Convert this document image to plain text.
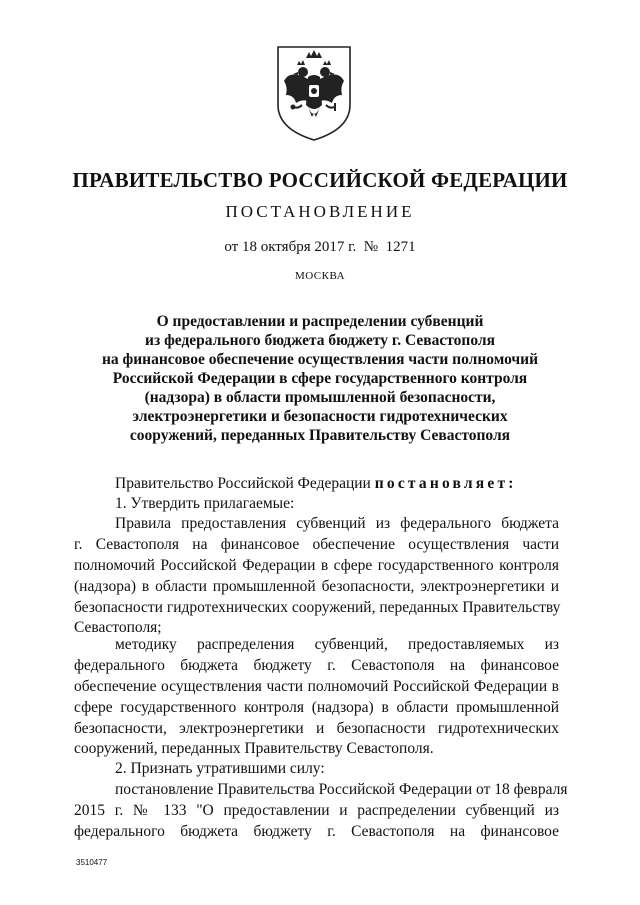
ПРАВИТЕЛЬСТВО РОССИЙСКОЙ ФЕДЕРАЦИИ
ПОСТАНОВЛЕНИЕ
от 18 октября 2017 г.  №  1271
МОСКВА
О предоставлении и распределении субвенций
из федерального бюджета бюджету г. Севастополя
на финансовое обеспечение осуществления части полномочий
Российской Федерации в сфере государственного контроля
(надзора) в области промышленной безопасности,
электроэнергетики и безопасности гидротехнических
сооружений, переданных Правительству Севастополя
Правительство Российской Федерации постановляет:
1. Утвердить прилагаемые:
Правила предоставления субвенций из федерального бюджета
г. Севастополя на финансовое обеспечение осуществления части
полномочий Российской Федерации в сфере государственного контроля
(надзора) в области промышленной безопасности, электроэнергетики и
безопасности гидротехнических сооружений, переданных Правительству
Севастополя;
методику распределения субвенций, предоставляемых из
федерального бюджета бюджету г. Севастополя на финансовое
обеспечение осуществления части полномочий Российской Федерации в
сфере государственного контроля (надзора) в области промышленной
безопасности, электроэнергетики и безопасности гидротехнических
сооружений, переданных Правительству Севастополя.
2. Признать утратившими силу:
постановление Правительства Российской Федерации от 18 февраля
2015 г. № 133 "О предоставлении и распределении субвенций из
федерального бюджета бюджету г. Севастополя на финансовое
3510477
